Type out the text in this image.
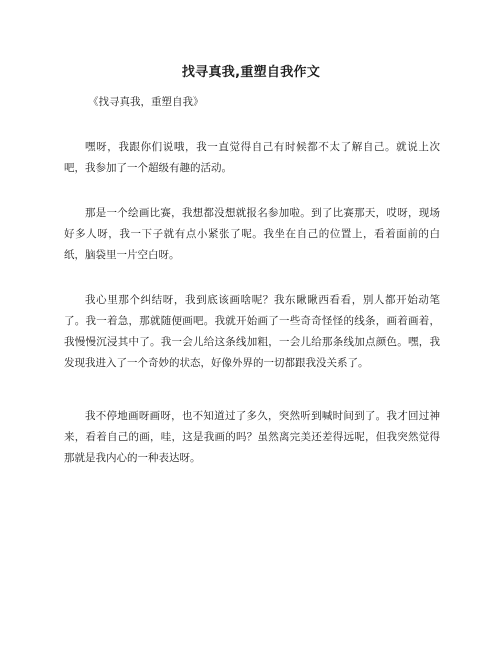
找寻真我,重塑自我作文

《找寻真我，重塑自我》

嘿呀，我跟你们说哦，我一直觉得自己有时候都不太了解自己。就说上次吧，我参加了一个超级有趣的活动。

那是一个绘画比赛，我想都没想就报名参加啦。到了比赛那天，哎呀，现场好多人呀，我一下子就有点小紧张了呢。我坐在自己的位置上，看着面前的白纸，脑袋里一片空白呀。

我心里那个纠结呀，我到底该画啥呢？我东瞅瞅西看看，别人都开始动笔了。我一着急，那就随便画吧。我就开始画了一些奇奇怪怪的线条，画着画着，我慢慢沉浸其中了。我一会儿给这条线加粗，一会儿给那条线加点颜色。嘿，我发现我进入了一个奇妙的状态，好像外界的一切都跟我没关系了。

我不停地画呀画呀，也不知道过了多久，突然听到喊时间到了。我才回过神来，看着自己的画，哇，这是我画的吗？虽然离完美还差得远呢，但我突然觉得那就是我内心的一种表达呀。
